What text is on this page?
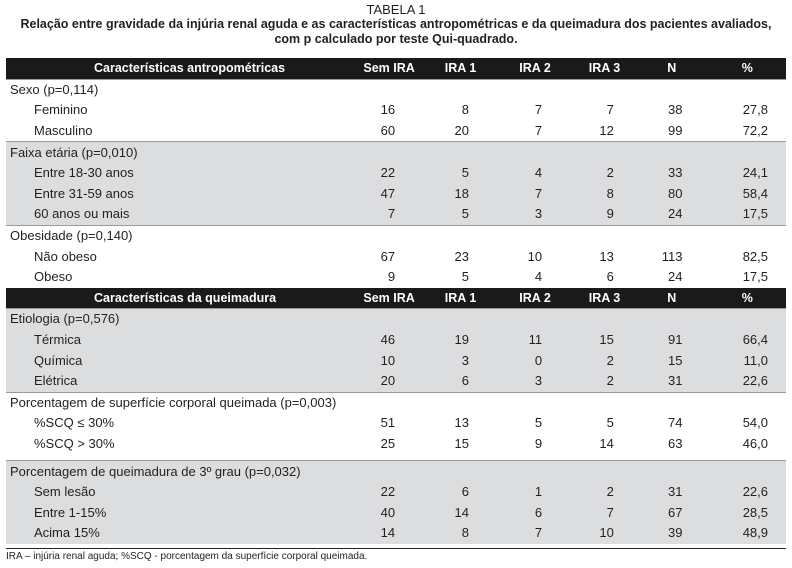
TABELA 1
Relação entre gravidade da injúria renal aguda e as características antropométricas e da queimadura dos pacientes avaliados, com p calculado por teste Qui-quadrado.
Características antropométricas	Sem IRA	IRA 1	IRA 2	IRA 3	N	%
Sexo (p=0,114)						
Feminino	16	8	7	7	38	27,8
Masculino	60	20	7	12	99	72,2
Faixa etária (p=0,010)						
Entre 18-30 anos	22	5	4	2	33	24,1
Entre 31-59 anos	47	18	7	8	80	58,4
60 anos ou mais	7	5	3	9	24	17,5
Obesidade (p=0,140)						
Não obeso	67	23	10	13	113	82,5
Obeso	9	5	4	6	24	17,5
Características da queimadura	Sem IRA	IRA 1	IRA 2	IRA 3	N	%
Etiologia (p=0,576)						
Térmica	46	19	11	15	91	66,4
Química	10	3	0	2	15	11,0
Elétrica	20	6	3	2	31	22,6
Porcentagem de superfície corporal queimada (p=0,003)						
%SCQ ≤ 30%	51	13	5	5	74	54,0
%SCQ > 30%	25	15	9	14	63	46,0

Porcentagem de queimadura de 3º grau (p=0,032)						
Sem lesão	22	6	1	2	31	22,6
Entre 1-15%	40	14	6	7	67	28,5
Acima 15%	14	8	7	10	39	48,9
IRA – injúria renal aguda; %SCQ - porcentagem da superfície corporal queimada.
